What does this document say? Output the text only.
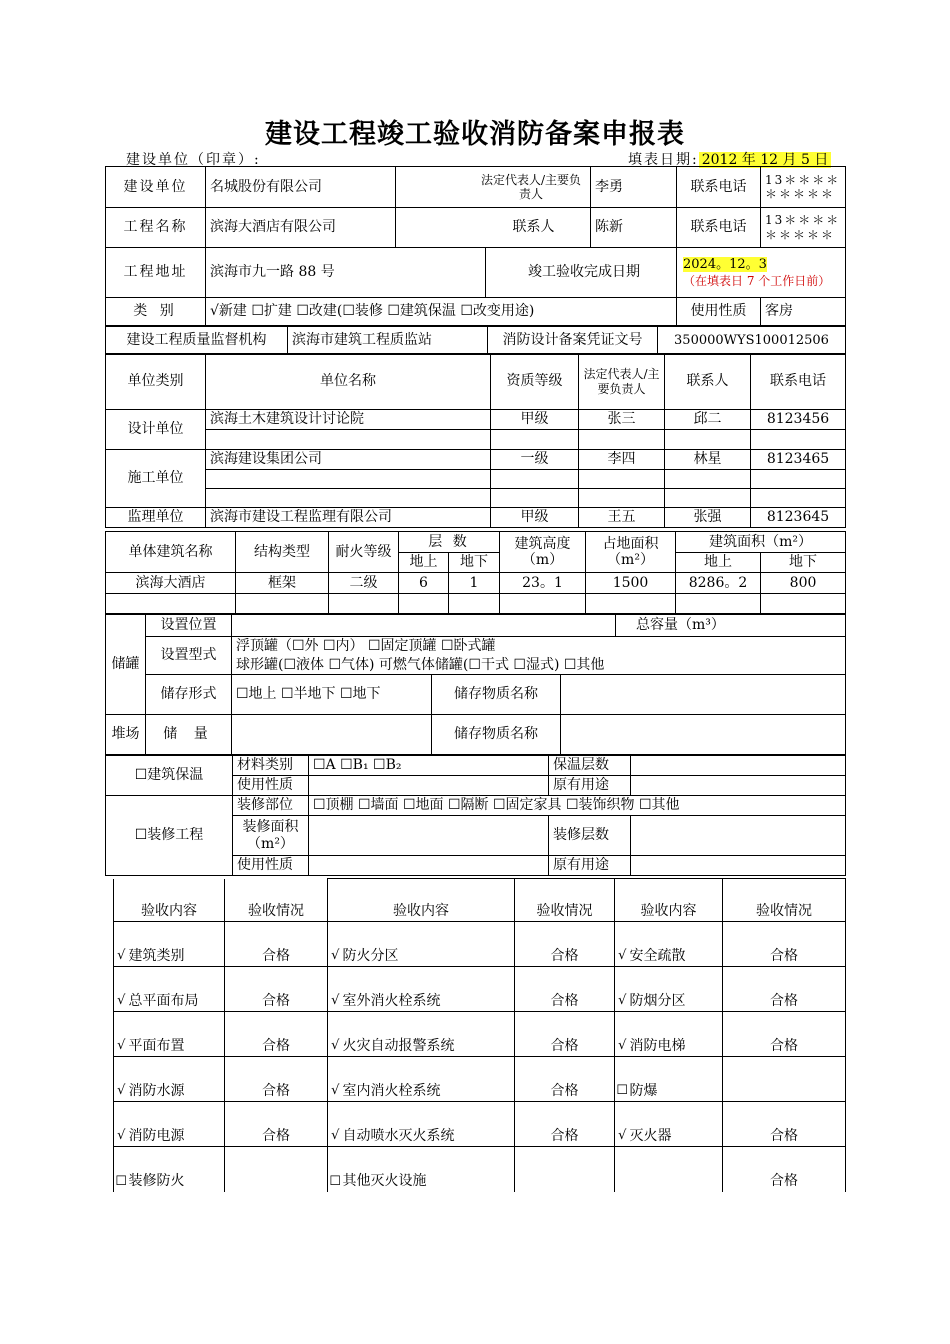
建设工程竣工验收消防备案申报表
建设单位（印章）:	填表日期: 2012 年 12 月 5 日
建设单位	名城股份有限公司	法定代表人/主要负责人		李勇	联系电话	13＊＊＊＊＊＊＊＊＊
工程名称	滨海大酒店有限公司	联系人		陈新	联系电话	13＊＊＊＊＊＊＊＊＊
工程地址	滨海市九一路 88 号		竣工验收完成日期		2024。12。3
（在填表日 7 个工作日前）	
类 别	√新建 ☐扩建 ☐改建(☐装修 ☐建筑保温 ☐改变用途)				使用性质	客房
建设工程质量监督机构	滨海市建筑工程质监站	消防设计备案凭证文号	350000WYS100012506
单位类别	单位名称	资质等级	法定代表人/主要负责人	联系人	联系电话
设计单位	滨海土木建筑设计讨论院	甲级	张三	邱二	8123456

施工单位	滨海建设集团公司	一级	李四	林星	8123465

监理单位	滨海市建设工程监理有限公司	甲级	王五	张强	8123645
单体建筑名称	结构类型	耐火等级	层 数		建筑高度（m）	占地面积（m²）	建筑面积（m²）	
			地上	地下			地上	地下
滨海大酒店	框架	二级	6	1	23。1	1500	8286。2	800

储罐	设置位置				总容量（m³）
	设置型式	浮顶罐（☐外 ☐内） ☐固定顶罐 ☐卧式罐
球形罐(☐液体 ☐气体) 可燃气体储罐(☐干式 ☐湿式) ☐其他			
	储存形式	☐地上 ☐半地下 ☐地下	储存物质名称		
堆场	储 量		储存物质名称		
☐建筑保温	材料类别	☐A ☐B₁ ☐B₂	保温层数	
	使用性质		原有用途	
☐装修工程	装修部位	☐顶棚 ☐墙面 ☐地面 ☐隔断 ☐固定家具 ☐装饰织物 ☐其他		
	装修面积（m²）		装修层数	
	使用性质		原有用途	
验收内容		验收情况	验收内容		验收情况	验收内容		验收情况
√	建筑类别	合格	√	防火分区	合格	√	安全疏散	合格
√	总平面布局	合格	√	室外消火栓系统	合格	√	防烟分区	合格
√	平面布置	合格	√	火灾自动报警系统	合格	√	消防电梯	合格
√	消防水源	合格	√	室内消火栓系统	合格	☐	防爆	
√	消防电源	合格	√	自动喷水灭火系统	合格	√	灭火器	合格
☐	装修防火		☐	其他灭火设施				合格
